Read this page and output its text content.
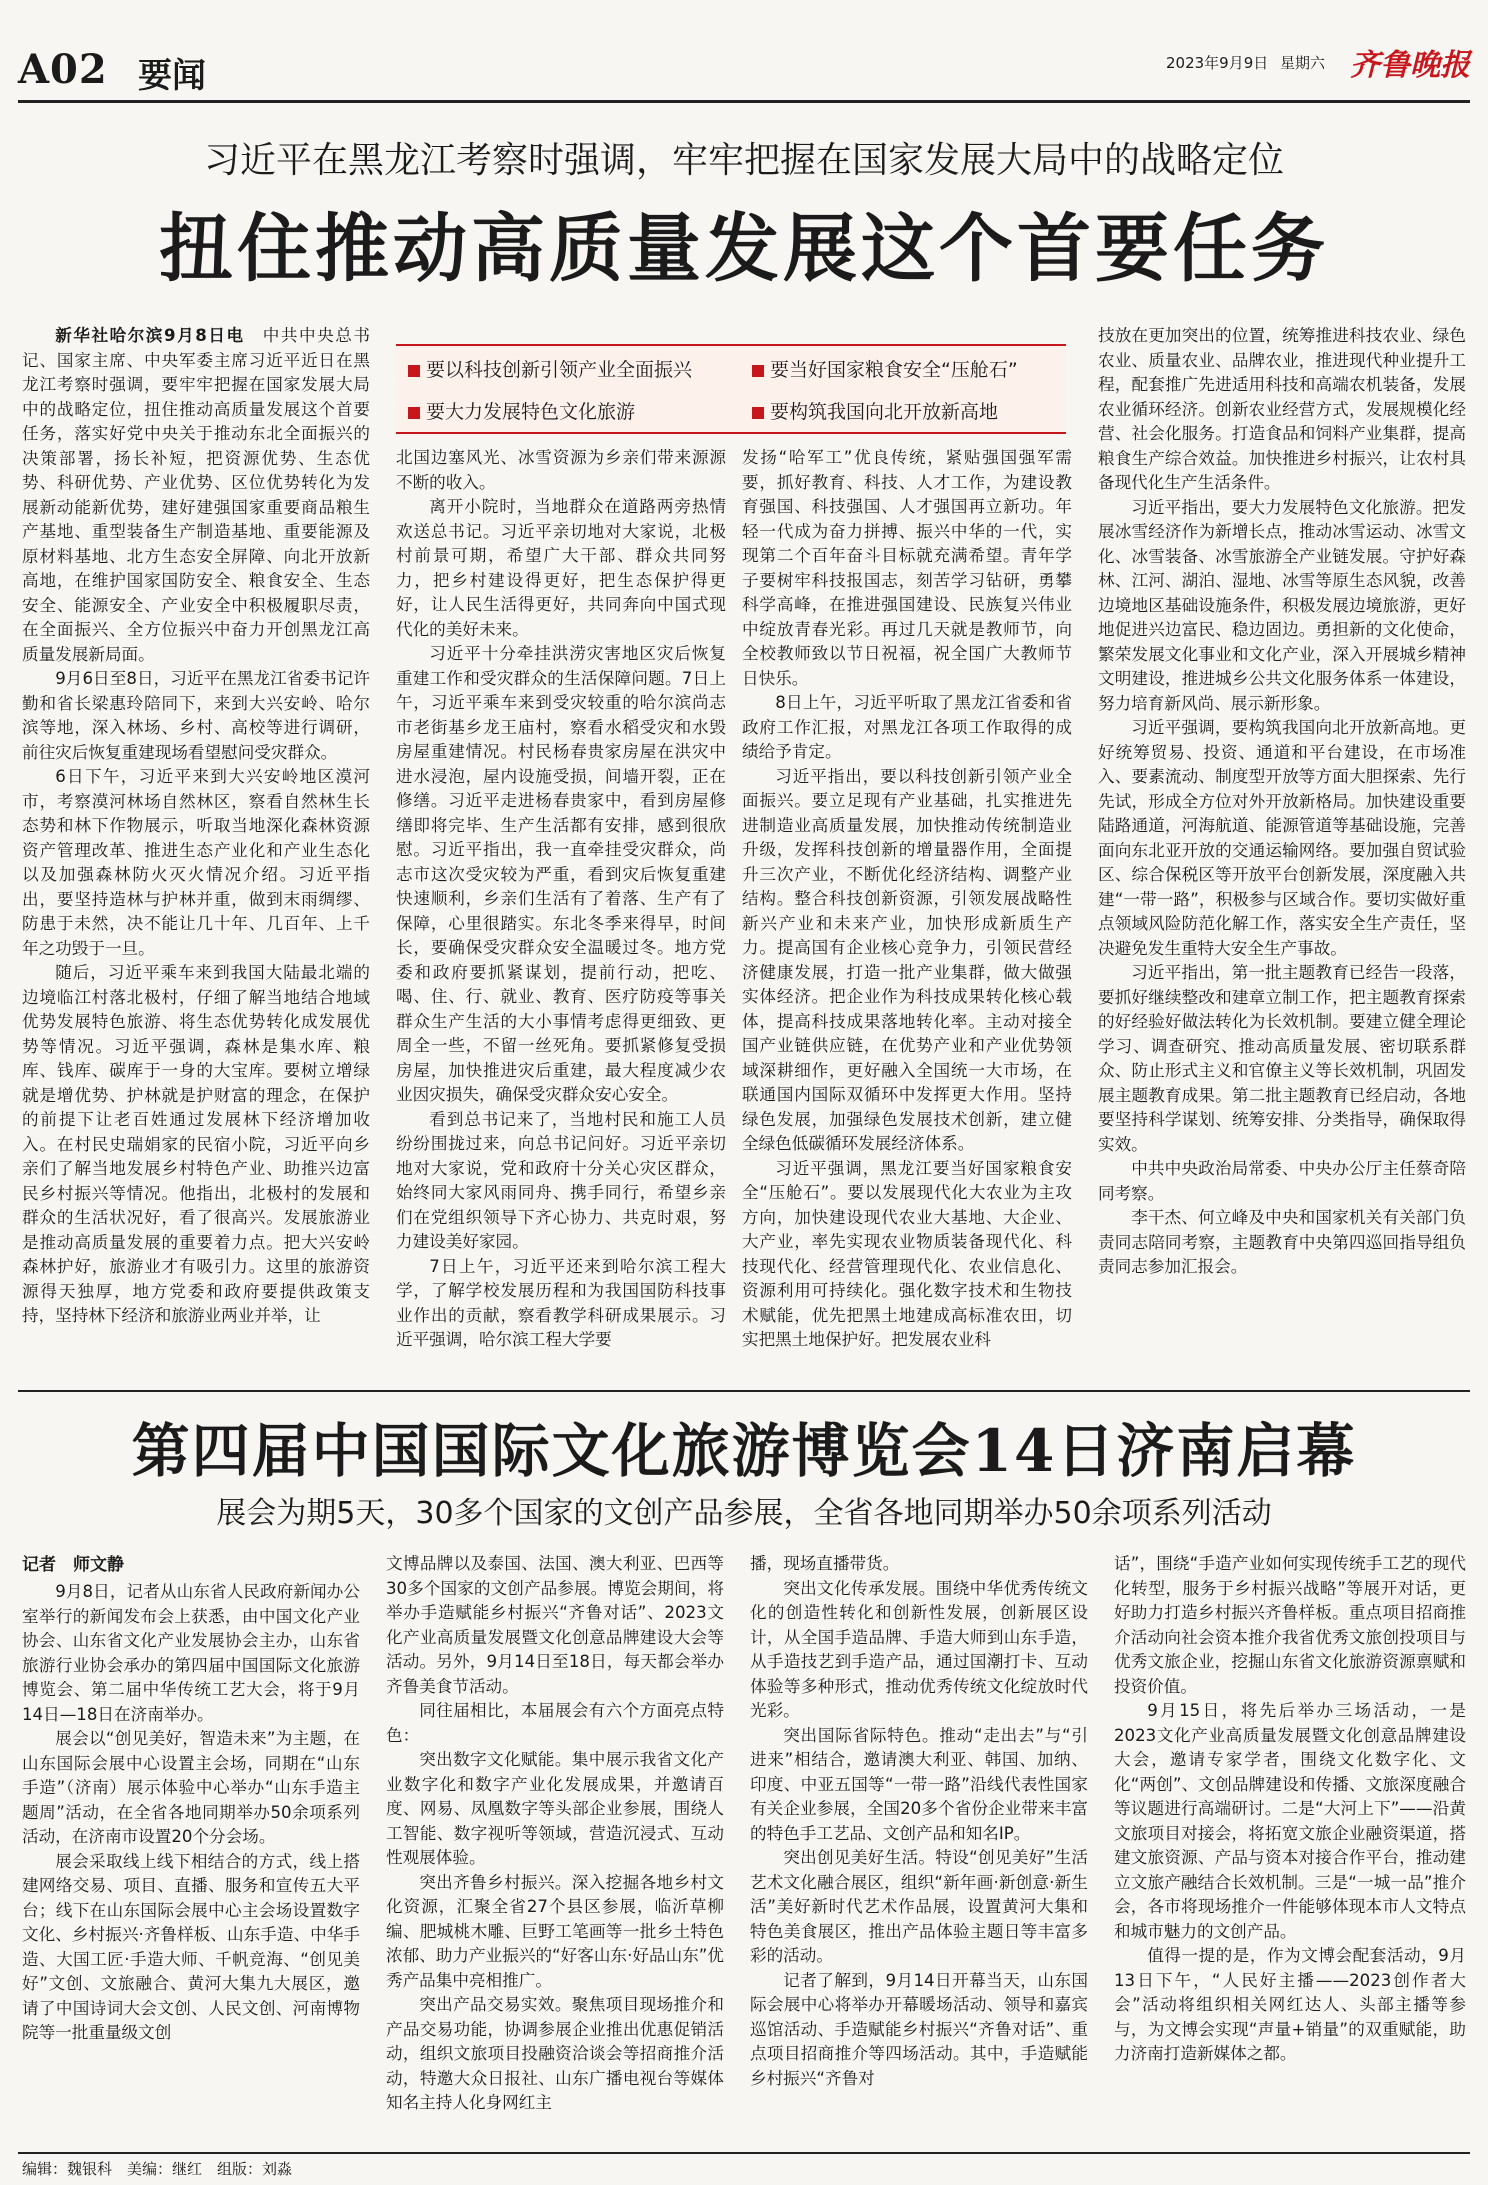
A02 要闻	2023年9月9日 星期六 齐鲁晚报
习近平在黑龙江考察时强调，牢牢把握在国家发展大局中的战略定位
扭住推动高质量发展这个首要任务
要以科技创新引领产业全面振兴	要当好国家粮食安全“压舱石”
要大力发展特色文化旅游	要构筑我国向北开放新高地

新华社哈尔滨9月8日电　 中共中央总书记、国家主席、中央军委主席习近平近日在黑龙江考察时强调，要牢牢把握在国家发展大局中的战略定位，扭住推动高质量发展这个首要任务，落实好党中央关于推动东北全面振兴的决策部署，扬长补短，把资源优势、生态优势、科研优势、产业优势、区位优势转化为发展新动能新优势，建好建强国家重要商品粮生产基地、重型装备生产制造基地、重要能源及原材料基地、北方生态安全屏障、向北开放新高地，在维护国家国防安全、粮食安全、生态安全、能源安全、产业安全中积极履职尽责，在全面振兴、全方位振兴中奋力开创黑龙江高质量发展新局面。

9月6日至8日，习近平在黑龙江省委书记许勤和省长梁惠玲陪同下，来到大兴安岭、哈尔滨等地，深入林场、乡村、高校等进行调研，前往灾后恢复重建现场看望慰问受灾群众。

6日下午，习近平来到大兴安岭地区漠河市，考察漠河林场自然林区，察看自然林生长态势和林下作物展示，听取当地深化森林资源资产管理改革、推进生态产业化和产业生态化以及加强森林防火灭火情况介绍。习近平指出，要坚持造林与护林并重，做到末雨绸缪、防患于未然，决不能让几十年、几百年、上千年之功毁于一旦。

随后，习近平乘车来到我国大陆最北端的边境临江村落北极村，仔细了解当地结合地域优势发展特色旅游、将生态优势转化成发展优势等情况。习近平强调，森林是集水库、粮库、钱库、碳库于一身的大宝库。要树立增绿就是增优势、护林就是护财富的理念，在保护的前提下让老百姓通过发展林下经济增加收入。在村民史瑞娟家的民宿小院，习近平向乡亲们了解当地发展乡村特色产业、助推兴边富民乡村振兴等情况。他指出，北极村的发展和群众的生活状况好，看了很高兴。发展旅游业是推动高质量发展的重要着力点。把大兴安岭森林护好，旅游业才有吸引力。这里的旅游资源得天独厚，地方党委和政府要提供政策支持，坚持林下经济和旅游业两业并举，让

北国边塞风光、冰雪资源为乡亲们带来源源不断的收入。

离开小院时，当地群众在道路两旁热情欢送总书记。习近平亲切地对大家说，北极村前景可期，希望广大干部、群众共同努力，把乡村建设得更好，把生态保护得更好，让人民生活得更好，共同奔向中国式现代化的美好未来。

习近平十分牵挂洪涝灾害地区灾后恢复重建工作和受灾群众的生活保障问题。7日上午，习近平乘车来到受灾较重的哈尔滨尚志市老街基乡龙王庙村，察看水稻受灾和水毁房屋重建情况。村民杨春贵家房屋在洪灾中进水浸泡，屋内设施受损，间墙开裂，正在修缮。习近平走进杨春贵家中，看到房屋修缮即将完毕、生产生活都有安排，感到很欣慰。习近平指出，我一直牵挂受灾群众，尚志市这次受灾较为严重，看到灾后恢复重建快速顺利，乡亲们生活有了着落、生产有了保障，心里很踏实。东北冬季来得早，时间长，要确保受灾群众安全温暖过冬。地方党委和政府要抓紧谋划，提前行动，把吃、喝、住、行、就业、教育、医疗防疫等事关群众生产生活的大小事情考虑得更细致、更周全一些，不留一丝死角。要抓紧修复受损房屋，加快推进灾后重建，最大程度减少农业因灾损失，确保受灾群众安心安全。

看到总书记来了，当地村民和施工人员纷纷围拢过来，向总书记问好。习近平亲切地对大家说，党和政府十分关心灾区群众，始终同大家风雨同舟、携手同行，希望乡亲们在党组织领导下齐心协力、共克时艰，努力建设美好家园。

7日上午，习近平还来到哈尔滨工程大学，了解学校发展历程和为我国国防科技事业作出的贡献，察看教学科研成果展示。习近平强调，哈尔滨工程大学要

发扬“哈军工”优良传统，紧贴强国强军需要，抓好教育、科技、人才工作，为建设教育强国、科技强国、人才强国再立新功。年轻一代成为奋力拼搏、振兴中华的一代，实现第二个百年奋斗目标就充满希望。青年学子要树牢科技报国志，刻苦学习钻研，勇攀科学高峰，在推进强国建设、民族复兴伟业中绽放青春光彩。再过几天就是教师节，向全校教师致以节日祝福，祝全国广大教师节日快乐。

8日上午，习近平听取了黑龙江省委和省政府工作汇报，对黑龙江各项工作取得的成绩给予肯定。

习近平指出，要以科技创新引领产业全面振兴。要立足现有产业基础，扎实推进先进制造业高质量发展，加快推动传统制造业升级，发挥科技创新的增量器作用，全面提升三次产业，不断优化经济结构、调整产业结构。整合科技创新资源，引领发展战略性新兴产业和未来产业，加快形成新质生产力。提高国有企业核心竞争力，引领民营经济健康发展，打造一批产业集群，做大做强实体经济。把企业作为科技成果转化核心载体，提高科技成果落地转化率。主动对接全国产业链供应链，在优势产业和产业优势领域深耕细作，更好融入全国统一大市场，在联通国内国际双循环中发挥更大作用。坚持绿色发展，加强绿色发展技术创新，建立健全绿色低碳循环发展经济体系。

习近平强调，黑龙江要当好国家粮食安全“压舱石”。要以发展现代化大农业为主攻方向，加快建设现代农业大基地、大企业、大产业，率先实现农业物质装备现代化、科技现代化、经营管理现代化、农业信息化、资源利用可持续化。强化数字技术和生物技术赋能，优先把黑土地建成高标准农田，切实把黑土地保护好。把发展农业科

技放在更加突出的位置，统筹推进科技农业、绿色农业、质量农业、品牌农业，推进现代种业提升工程，配套推广先进适用科技和高端农机装备，发展农业循环经济。创新农业经营方式，发展规模化经营、社会化服务。打造食品和饲料产业集群，提高粮食生产综合效益。加快推进乡村振兴，让农村具备现代化生产生活条件。

习近平指出，要大力发展特色文化旅游。把发展冰雪经济作为新增长点，推动冰雪运动、冰雪文化、冰雪装备、冰雪旅游全产业链发展。守护好森林、江河、湖泊、湿地、冰雪等原生态风貌，改善边境地区基础设施条件，积极发展边境旅游，更好地促进兴边富民、稳边固边。勇担新的文化使命，繁荣发展文化事业和文化产业，深入开展城乡精神文明建设，推进城乡公共文化服务体系一体建设，努力培育新风尚、展示新形象。

习近平强调，要构筑我国向北开放新高地。更好统筹贸易、投资、通道和平台建设，在市场准入、要素流动、制度型开放等方面大胆探索、先行先试，形成全方位对外开放新格局。加快建设重要陆路通道，河海航道、能源管道等基础设施，完善面向东北亚开放的交通运输网络。要加强自贸试验区、综合保税区等开放平台创新发展，深度融入共建“一带一路”，积极参与区域合作。要切实做好重点领域风险防范化解工作，落实安全生产责任，坚决避免发生重特大安全生产事故。

习近平指出，第一批主题教育已经告一段落，要抓好继续整改和建章立制工作，把主题教育探索的好经验好做法转化为长效机制。要建立健全理论学习、调查研究、推动高质量发展、密切联系群众、防止形式主义和官僚主义等长效机制，巩固发展主题教育成果。第二批主题教育已经启动，各地要坚持科学谋划、统筹安排、分类指导，确保取得实效。

中共中央政治局常委、中央办公厅主任蔡奇陪同考察。

李干杰、何立峰及中央和国家机关有关部门负责同志陪同考察，主题教育中央第四巡回指导组负责同志参加汇报会。

第四届中国国际文化旅游博览会14日济南启幕
展会为期5天，30多个国家的文创产品参展，全省各地同期举办50余项系列活动
记者　师文静

9月8日，记者从山东省人民政府新闻办公室举行的新闻发布会上获悉，由中国文化产业协会、山东省文化产业发展协会主办，山东省旅游行业协会承办的第四届中国国际文化旅游博览会、第二届中华传统工艺大会，将于9月14日—18日在济南举办。

展会以“创见美好，智造未来”为主题，在山东国际会展中心设置主会场，同期在“山东手造”（济南）展示体验中心举办“山东手造主题周”活动，在全省各地同期举办50余项系列活动，在济南市设置20个分会场。

展会采取线上线下相结合的方式，线上搭建网络交易、项目、直播、服务和宣传五大平台；线下在山东国际会展中心主会场设置数字文化、乡村振兴·齐鲁样板、山东手造、中华手造、大国工匠·手造大师、千帆竞海、“创见美好”文创、文旅融合、黄河大集九大展区，邀请了中国诗词大会文创、人民文创、河南博物院等一批重量级文创

文博品牌以及泰国、法国、澳大利亚、巴西等30多个国家的文创产品参展。博览会期间，将举办手造赋能乡村振兴“齐鲁对话”、2023文化产业高质量发展暨文化创意品牌建设大会等活动。另外，9月14日至18日，每天都会举办齐鲁美食节活动。

同往届相比，本届展会有六个方面亮点特色：

突出数字文化赋能。集中展示我省文化产业数字化和数字产业化发展成果，并邀请百度、网易、凤凰数字等头部企业参展，围绕人工智能、数字视听等领域，营造沉浸式、互动性观展体验。

突出齐鲁乡村振兴。深入挖掘各地乡村文化资源，汇聚全省27个县区参展，临沂草柳编、肥城桃木雕、巨野工笔画等一批乡土特色浓郁、助力产业振兴的“好客山东·好品山东”优秀产品集中亮相推广。

突出产品交易实效。聚焦项目现场推介和产品交易功能，协调参展企业推出优惠促销活动，组织文旅项目投融资洽谈会等招商推介活动，特邀大众日报社、山东广播电视台等媒体知名主持人化身网红主

播，现场直播带货。

突出文化传承发展。围绕中华优秀传统文化的创造性转化和创新性发展，创新展区设计，从全国手造品牌、手造大师到山东手造，从手造技艺到手造产品，通过国潮打卡、互动体验等多种形式，推动优秀传统文化绽放时代光彩。

突出国际省际特色。推动“走出去”与“引进来”相结合，邀请澳大利亚、韩国、加纳、印度、中亚五国等“一带一路”沿线代表性国家有关企业参展，全国20多个省份企业带来丰富的特色手工艺品、文创产品和知名IP。

突出创见美好生活。特设“创见美好”生活艺术文化融合展区，组织“新年画·新创意·新生活”美好新时代艺术作品展，设置黄河大集和特色美食展区，推出产品体验主题日等丰富多彩的活动。

记者了解到，9月14日开幕当天，山东国际会展中心将举办开幕暖场活动、领导和嘉宾巡馆活动、手造赋能乡村振兴“齐鲁对话”、重点项目招商推介等四场活动。其中，手造赋能乡村振兴“齐鲁对

话”，围绕“手造产业如何实现传统手工艺的现代化转型，服务于乡村振兴战略”等展开对话，更好助力打造乡村振兴齐鲁样板。重点项目招商推介活动向社会资本推介我省优秀文旅创投项目与优秀文旅企业，挖掘山东省文化旅游资源禀赋和投资价值。

9月15日，将先后举办三场活动，一是2023文化产业高质量发展暨文化创意品牌建设大会，邀请专家学者，围绕文化数字化、文化“两创”、文创品牌建设和传播、文旅深度融合等议题进行高端研讨。二是“大河上下”——沿黄文旅项目对接会，将拓宽文旅企业融资渠道，搭建文旅资源、产品与资本对接合作平台，推动建立文旅产融结合长效机制。三是“一城一品”推介会，各市将现场推介一件能够体现本市人文特点和城市魅力的文创产品。

值得一提的是，作为文博会配套活动，9月13日下午，“人民好主播——2023创作者大会”活动将组织相关网红达人、头部主播等参与，为文博会实现“声量+销量”的双重赋能，助力济南打造新媒体之都。

编辑：魏银科　美编：继红　组版：刘淼
